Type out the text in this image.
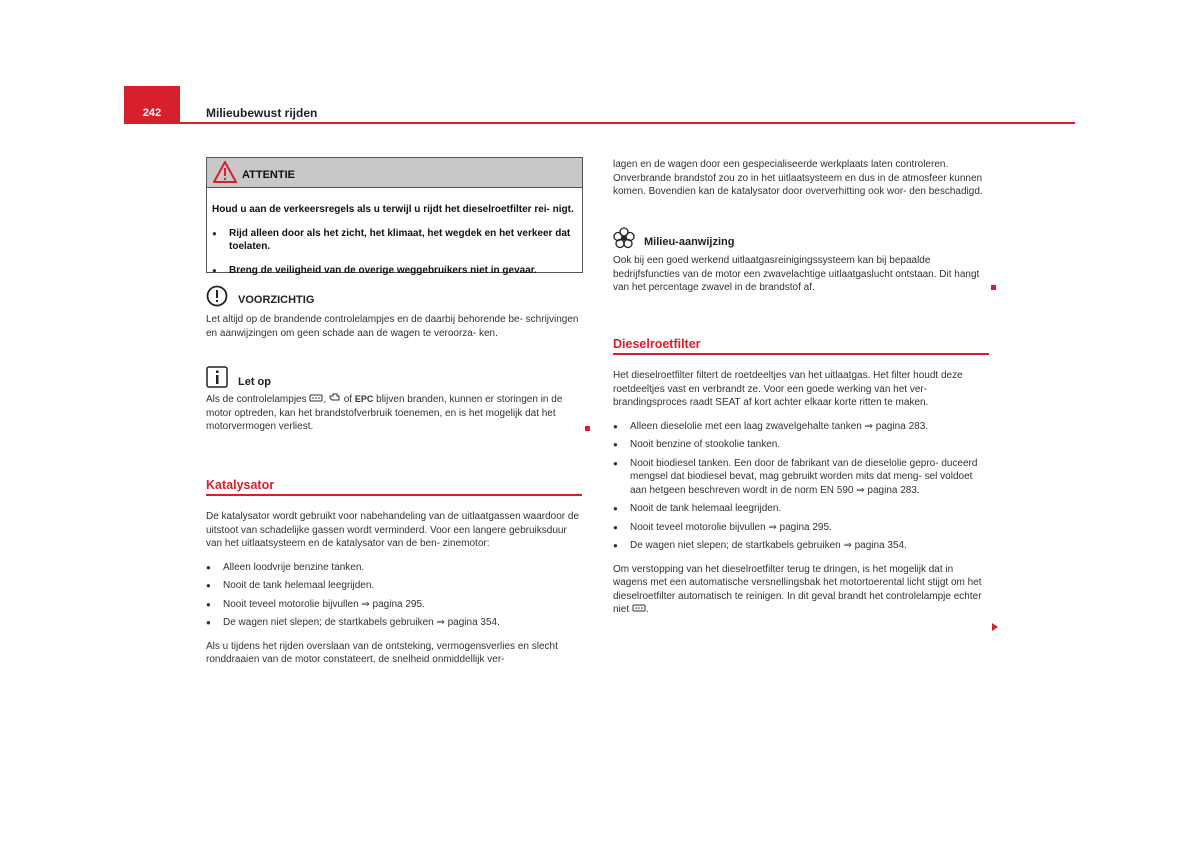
242	Milieubewust rijden
ATTENTIE

Houd u aan de verkeersregels als u terwijl u rijdt het dieselroetfilter rei- nigt.

● Rijd alleen door als het zicht, het klimaat, het wegdek en het verkeer dat toelaten.

● Breng de veiligheid van de overige weggebruikers niet in gevaar.

VOORZICHTIG

Let altijd op de brandende controlelampjes en de daarbij behorende be- schrijvingen en aanwijzingen om geen schade aan de wagen te veroorza- ken.

Let op

Als de controlelampjes ,  of EPC blijven branden, kunnen er storingen in de motor optreden, kan het brandstofverbruik toenemen, en is het mogelijk dat het motorvermogen verliest.

Katalysator

De katalysator wordt gebruikt voor nabehandeling van de uitlaatgassen waardoor de uitstoot van schadelijke gassen wordt verminderd. Voor een langere gebruiksduur van het uitlaatsysteem en de katalysator van de ben- zinemotor:

● Alleen loodvrije benzine tanken.

● Nooit de tank helemaal leegrijden.

● Nooit teveel motorolie bijvullen ⇒ pagina 295.

● De wagen niet slepen; de startkabels gebruiken ⇒ pagina 354.

Als u tijdens het rijden overslaan van de ontsteking, vermogensverlies en slecht ronddraaien van de motor constateert, de snelheid onmiddellijk ver-

lagen en de wagen door een gespecialiseerde werkplaats laten controleren. Onverbrande brandstof zou zo in het uitlaatsysteem en dus in de atmosfeer kunnen komen. Bovendien kan de katalysator door oververhitting ook wor- den beschadigd.

Milieu-aanwijzing

Ook bij een goed werkend uitlaatgasreinigingssysteem kan bij bepaalde bedrijfsfuncties van de motor een zwavelachtige uitlaatgaslucht ontstaan. Dit hangt van het percentage zwavel in de brandstof af.

Dieselroetfilter

Het dieselroetfilter filtert de roetdeeltjes van het uitlaatgas. Het filter houdt deze roetdeeltjes vast en verbrandt ze. Voor een goede werking van het ver- brandingsproces raadt SEAT af kort achter elkaar korte ritten te maken.

● Alleen dieselolie met een laag zwavelgehalte tanken ⇒ pagina 283.

● Nooit benzine of stookolie tanken.

● Nooit biodiesel tanken. Een door de fabrikant van de dieselolie gepro- duceerd mengsel dat biodiesel bevat, mag gebruikt worden mits dat meng- sel voldoet aan hetgeen beschreven wordt in de norm EN 590 ⇒ pagina 283.

● Nooit de tank helemaal leegrijden.

● Nooit teveel motorolie bijvullen ⇒ pagina 295.

● De wagen niet slepen; de startkabels gebruiken ⇒ pagina 354.

Om verstopping van het dieselroetfilter terug te dringen, is het mogelijk dat in wagens met een automatische versnellingsbak het motortoerental licht stijgt om het dieselroetfilter automatisch te reinigen. In dit geval brandt het controlelampje echter niet .
